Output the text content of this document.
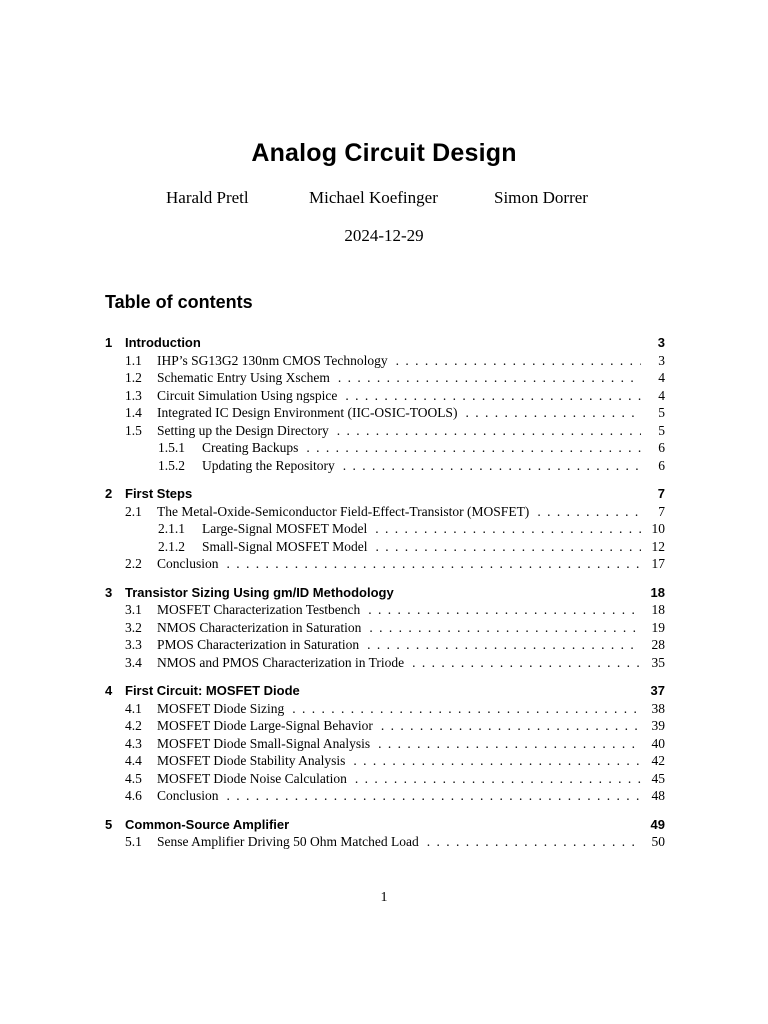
Analog Circuit Design
Harald Pretl	Michael Koefinger	Simon Dorrer
2024-12-29
Table of contents
1 Introduction	3
1.1	IHP’s SG13G2 130nm CMOS Technology . . .	3
1.2	Schematic Entry Using Xschem . . .	4
1.3	Circuit Simulation Using ngspice . . .	4
1.4	Integrated IC Design Environment (IIC-OSIC-TOOLS) . . .	5
1.5	Setting up the Design Directory . . .	5
1.5.1	Creating Backups . . .	6
1.5.2	Updating the Repository . . .	6
2 First Steps	7
2.1	The Metal-Oxide-Semiconductor Field-Effect-Transistor (MOSFET) . . .	7
2.1.1	Large-Signal MOSFET Model . . .	10
2.1.2	Small-Signal MOSFET Model . . .	12
2.2	Conclusion . . .	17
3 Transistor Sizing Using gm/ID Methodology	18
3.1	MOSFET Characterization Testbench . . .	18
3.2	NMOS Characterization in Saturation . . .	19
3.3	PMOS Characterization in Saturation . . .	28
3.4	NMOS and PMOS Characterization in Triode . . .	35
4 First Circuit: MOSFET Diode	37
4.1	MOSFET Diode Sizing . . .	38
4.2	MOSFET Diode Large-Signal Behavior . . .	39
4.3	MOSFET Diode Small-Signal Analysis . . .	40
4.4	MOSFET Diode Stability Analysis . . .	42
4.5	MOSFET Diode Noise Calculation . . .	45
4.6	Conclusion . . .	48
5 Common-Source Amplifier	49
5.1	Sense Amplifier Driving 50 Ohm Matched Load . . .	50
1
